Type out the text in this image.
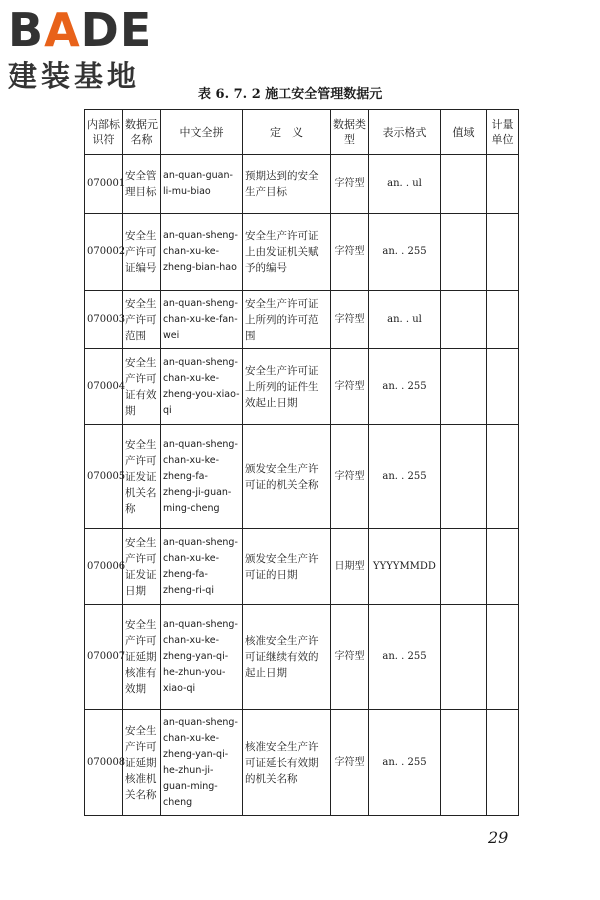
BADE
建装基地
表 6. 7. 2 施工安全管理数据元
内部标识符	数据元名称	中文全拼	定　义	数据类型	表示格式	值域	计量单位
070001	安全管理目标	an-quan-guan-li-mu-biao	预期达到的安全生产目标	字符型	an. . ul		
070002	安全生产许可证编号	an-quan-sheng-chan-xu-ke-zheng-bian-hao	安全生产许可证上由发证机关赋予的编号	字符型	an. . 255		
070003	安全生产许可范围	an-quan-sheng-chan-xu-ke-fan-wei	安全生产许可证上所列的许可范围	字符型	an. . ul		
070004	安全生产许可证有效期	an-quan-sheng-chan-xu-ke-zheng-you-xiao-qi	安全生产许可证上所列的证件生效起止日期	字符型	an. . 255		
070005	安全生产许可证发证机关名称	an-quan-sheng-chan-xu-ke-zheng-fa-zheng-ji-guan-ming-cheng	颁发安全生产许可证的机关全称	字符型	an. . 255		
070006	安全生产许可证发证日期	an-quan-sheng-chan-xu-ke-zheng-fa-zheng-ri-qi	颁发安全生产许可证的日期	日期型	YYYYMMDD		
070007	安全生产许可证延期核准有效期	an-quan-sheng-chan-xu-ke-zheng-yan-qi-he-zhun-you-xiao-qi	核准安全生产许可证继续有效的起止日期	字符型	an. . 255		
070008	安全生产许可证延期核准机关名称	an-quan-sheng-chan-xu-ke-zheng-yan-qi-he-zhun-ji-guan-ming-cheng	核准安全生产许可证延长有效期的机关名称	字符型	an. . 255		
29
